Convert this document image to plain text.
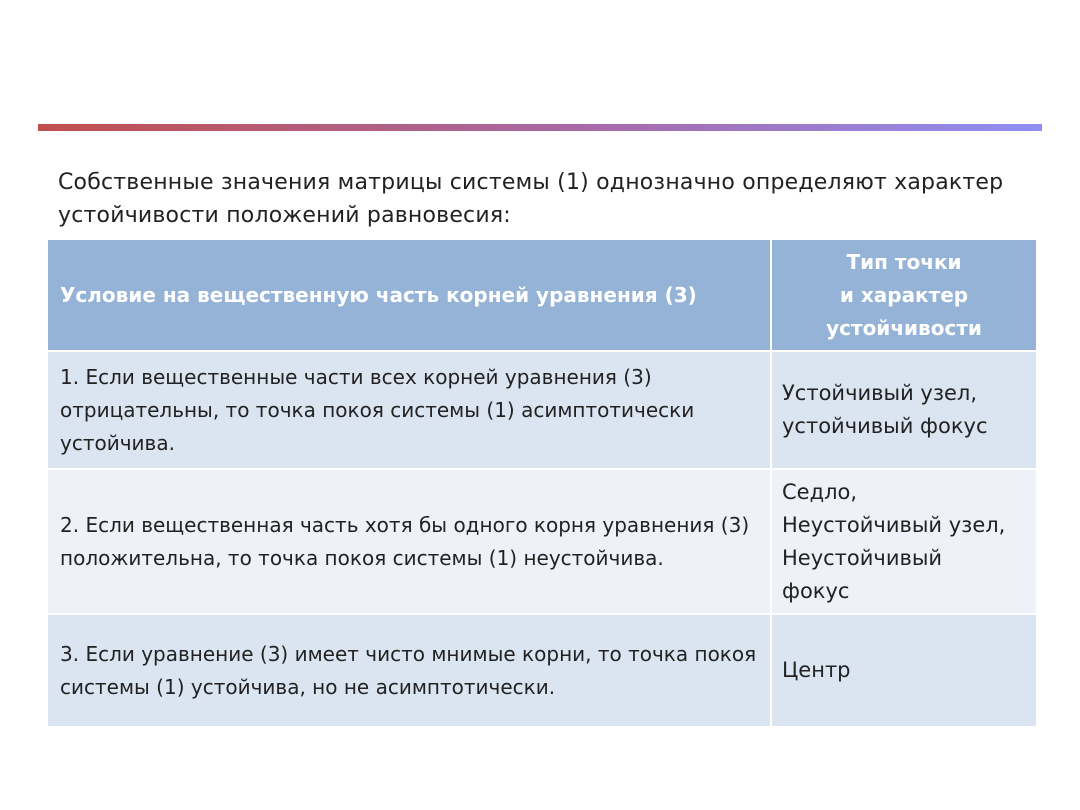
Собственные значения матрицы системы (1) однозначно определяют характер устойчивости положений равновесия:
Условие на вещественную часть корней уравнения (3)	Тип точки
и характер
устойчивости

1. Если вещественные части всех корней уравнения (3) отрицательны, то точка покоя системы (1) асимптотически устойчива.	Устойчивый узел,
устойчивый фокус

2. Если вещественная часть хотя бы одного корня уравнения (3) положительна, то точка покоя системы (1) неустойчива.	Седло,
Неустойчивый узел,
Неустойчивый
фокус

3. Если уравнение (3) имеет чисто мнимые корни, то точка покоя системы (1) устойчива, но не асимптотически.	Центр
